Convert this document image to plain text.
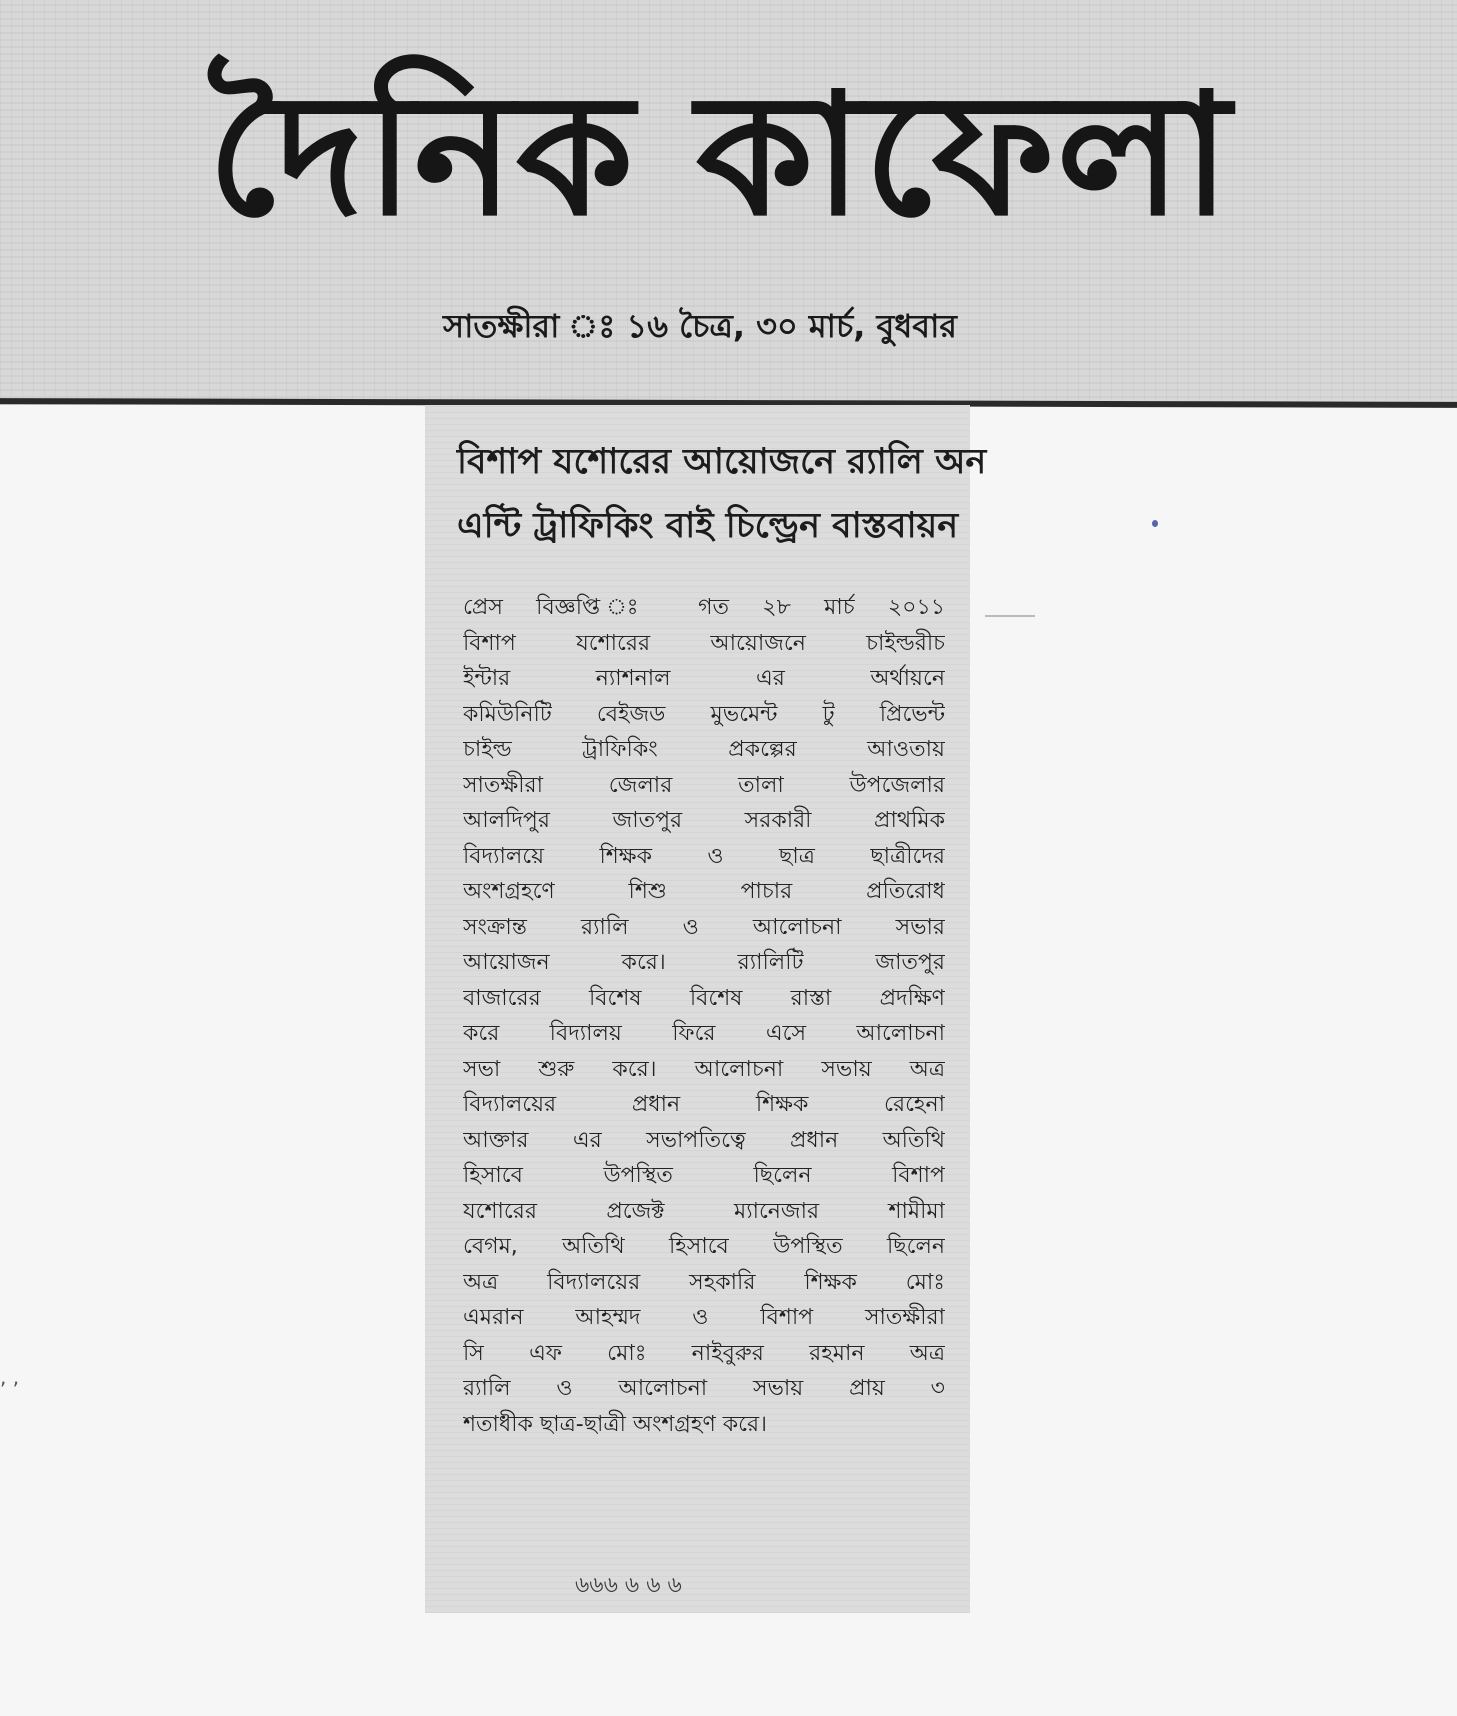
দৈনিক কাফেলা
সাতক্ষীরা ঃ ১৬ চৈত্র, ৩০ মার্চ, বুধবার
বিশাপ যশোরের আয়োজনে র‍্যালি অন
এন্টি ট্রাফিকিং বাই চিল্ড্রেন বাস্তবায়ন
প্রেস বিজ্ঞপ্তি ঃ গত ২৮ মার্চ ২০১১
বিশাপ যশোরের আয়োজনে চাইল্ডরীচ
ইন্টার ন্যাশনাল এর অর্থায়নে
কমিউনিটি বেইজড মুভমেন্ট টু প্রিভেন্ট
চাইল্ড ট্রাফিকিং প্রকল্পের আওতায়
সাতক্ষীরা জেলার তালা উপজেলার
আলদিপুর জাতপুর সরকারী প্রাথমিক
বিদ্যালয়ে শিক্ষক ও ছাত্র ছাত্রীদের
অংশগ্রহণে শিশু পাচার প্রতিরোধ
সংক্রান্ত র‍্যালি ও আলোচনা সভার
আয়োজন করে। র‍্যালিটি জাতপুর
বাজারের বিশেষ বিশেষ রাস্তা প্রদক্ষিণ
করে বিদ্যালয় ফিরে এসে আলোচনা
সভা শুরু করে। আলোচনা সভায় অত্র
বিদ্যালয়ের প্রধান শিক্ষক রেহেনা
আক্তার এর সভাপতিত্বে প্রধান অতিথি
হিসাবে উপস্থিত ছিলেন বিশাপ
যশোরের প্রজেক্ট ম্যানেজার শামীমা
বেগম, অতিথি হিসাবে উপস্থিত ছিলেন
অত্র বিদ্যালয়ের সহকারি শিক্ষক মোঃ
এমরান আহম্মদ ও বিশাপ সাতক্ষীরা
সি এফ মোঃ নাইবুরুর রহমান অত্র
র‍্যালি ও আলোচনা সভায় প্রায় ৩
শতাধীক ছাত্র-ছাত্রী অংশগ্রহণ করে।
৬৬৬ ৬ ৬ ৬
, ,
